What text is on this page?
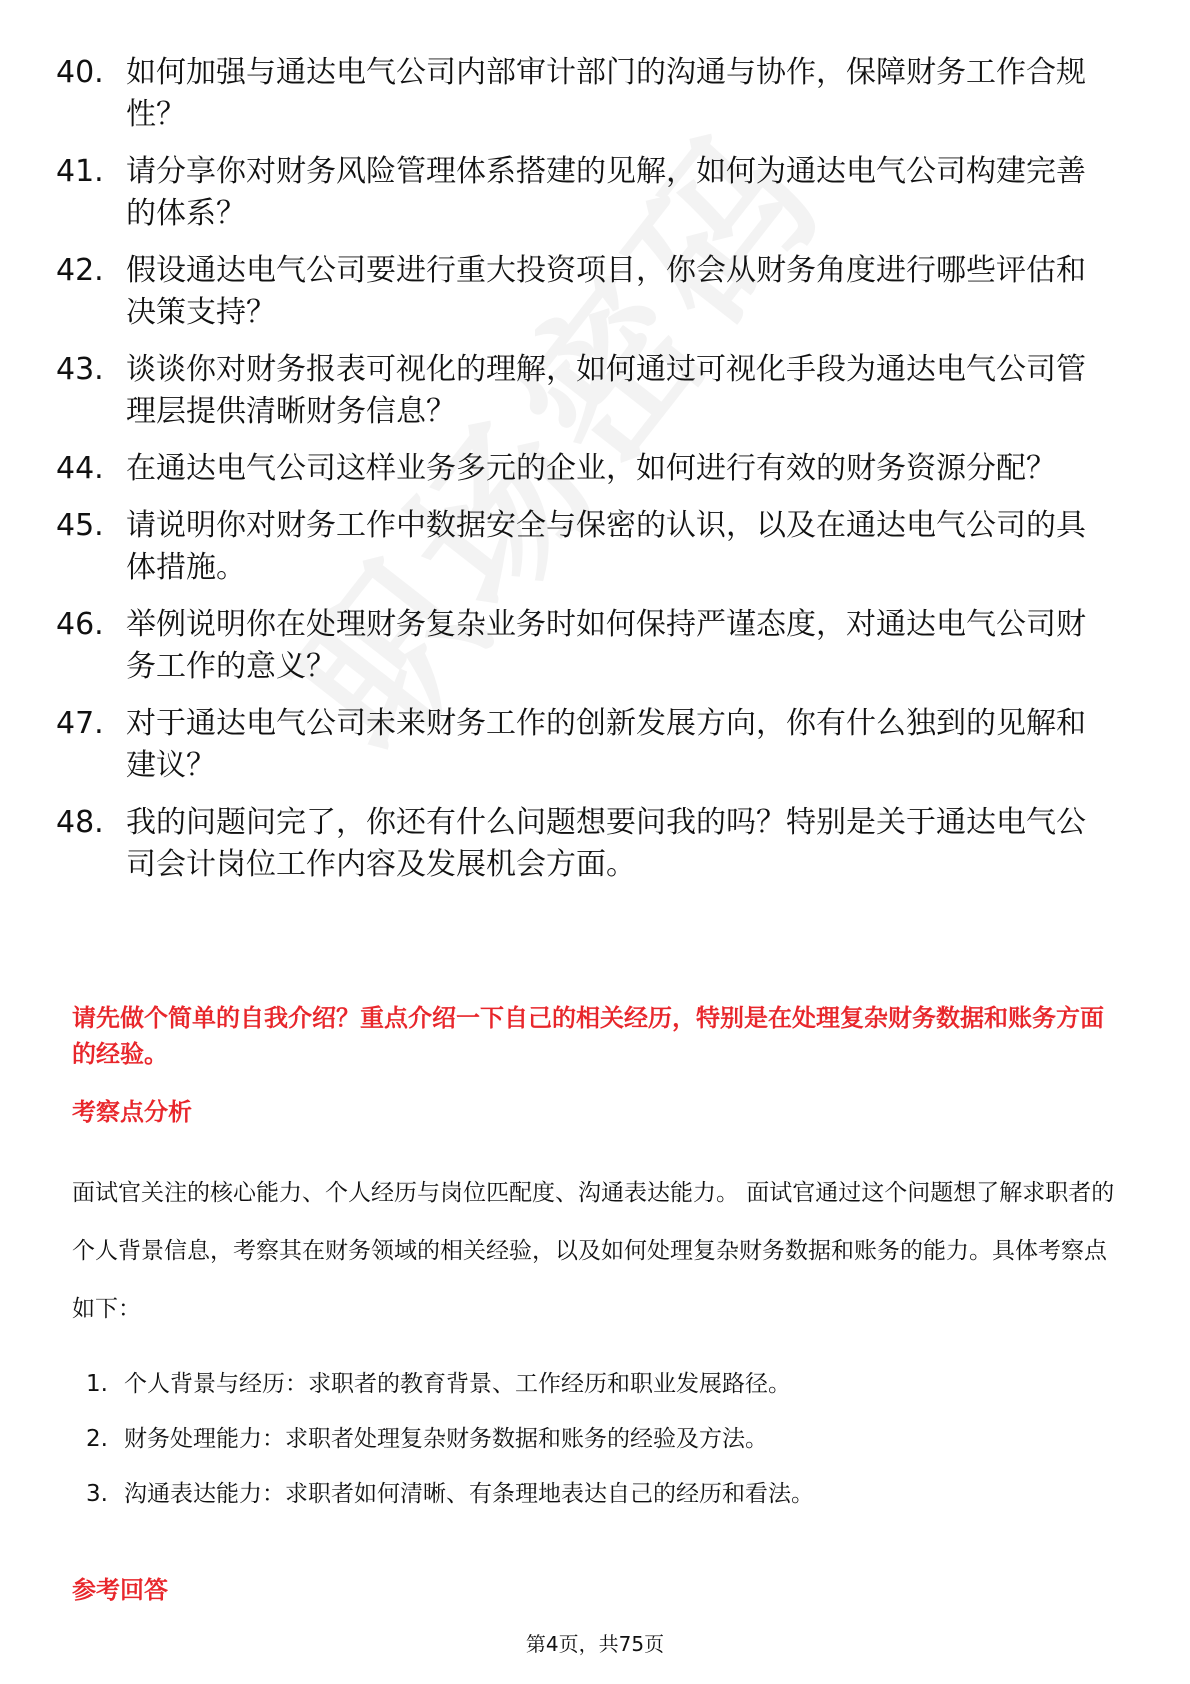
40. 如何加强与通达电气公司内部审计部门的沟通与协作，保障财务工作合规性？
41. 请分享你对财务风险管理体系搭建的见解，如何为通达电气公司构建完善的体系？
42. 假设通达电气公司要进行重大投资项目，你会从财务角度进行哪些评估和决策支持？
43. 谈谈你对财务报表可视化的理解，如何通过可视化手段为通达电气公司管理层提供清晰财务信息？
44. 在通达电气公司这样业务多元的企业，如何进行有效的财务资源分配？
45. 请说明你对财务工作中数据安全与保密的认识，以及在通达电气公司的具体措施。
46. 举例说明你在处理财务复杂业务时如何保持严谨态度，对通达电气公司财务工作的意义？
47. 对于通达电气公司未来财务工作的创新发展方向，你有什么独到的见解和建议？
48. 我的问题问完了，你还有什么问题想要问我的吗？特别是关于通达电气公司会计岗位工作内容及发展机会方面。

请先做个简单的自我介绍？重点介绍一下自己的相关经历，特别是在处理复杂财务数据和账务方面的经验。

考察点分析

面试官关注的核心能力、个人经历与岗位匹配度、沟通表达能力。 面试官通过这个问题想了解求职者的个人背景信息，考察其在财务领域的相关经验，以及如何处理复杂财务数据和账务的能力。具体考察点如下：

1. 个人背景与经历：求职者的教育背景、工作经历和职业发展路径。
2. 财务处理能力：求职者处理复杂财务数据和账务的经验及方法。
3. 沟通表达能力：求职者如何清晰、有条理地表达自己的经历和看法。
参考回答
第4页，共75页
